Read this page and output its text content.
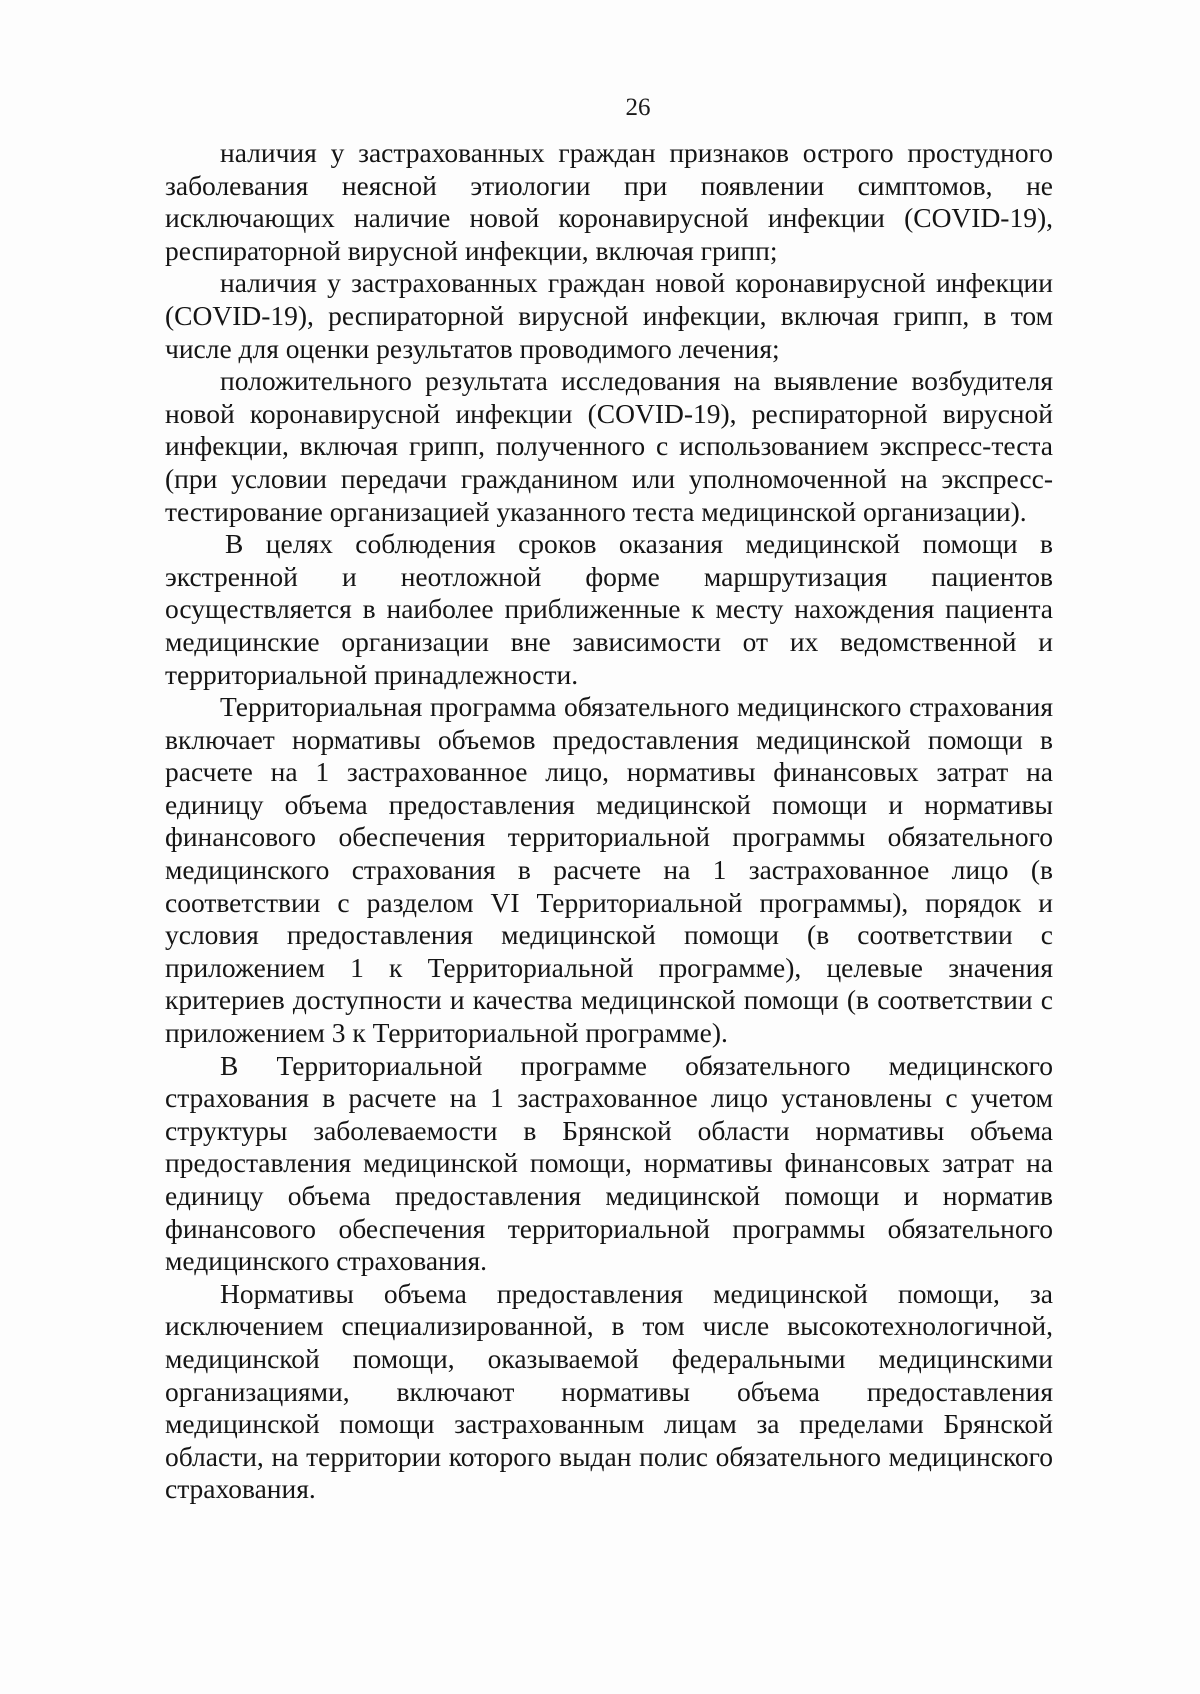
26

наличия у застрахованных граждан признаков острого простудного заболевания неясной этиологии при появлении симптомов, не исключающих наличие новой коронавирусной инфекции (COVID-19), респираторной вирусной инфекции, включая грипп;

наличия у застрахованных граждан новой коронавирусной инфекции (COVID-19), респираторной вирусной инфекции, включая грипп, в том числе для оценки результатов проводимого лечения;

положительного результата исследования на выявление возбудителя новой коронавирусной инфекции (COVID-19), респираторной вирусной инфекции, включая грипп, полученного с использованием экспресс-теста (при условии передачи гражданином или уполномоченной на экспресс-тестирование организацией указанного теста медицинской организации).

В целях соблюдения сроков оказания медицинской помощи в экстренной и неотложной форме маршрутизация пациентов осуществляется в наиболее приближенные к месту нахождения пациента медицинские организации вне зависимости от их ведомственной и территориальной принадлежности.

Территориальная программа обязательного медицинского страхования включает нормативы объемов предоставления медицинской помощи в расчете на 1 застрахованное лицо, нормативы финансовых затрат на единицу объема предоставления медицинской помощи и нормативы финансового обеспечения территориальной программы обязательного медицинского страхования в расчете на 1 застрахованное лицо (в соответствии с разделом VI Территориальной программы), порядок и условия предоставления медицинской помощи (в соответствии с приложением 1 к Территориальной программе), целевые значения критериев доступности и качества медицинской помощи (в соответствии с приложением 3 к Территориальной программе).

В Территориальной программе обязательного медицинского страхования в расчете на 1 застрахованное лицо установлены с учетом структуры заболеваемости в Брянской области нормативы объема предоставления медицинской помощи, нормативы финансовых затрат на единицу объема предоставления медицинской помощи и норматив финансового обеспечения территориальной программы обязательного медицинского страхования.

Нормативы объема предоставления медицинской помощи, за исключением специализированной, в том числе высокотехнологичной, медицинской помощи, оказываемой федеральными медицинскими организациями, включают нормативы объема предоставления медицинской помощи застрахованным лицам за пределами Брянской области, на территории которого выдан полис обязательного медицинского страхования.
